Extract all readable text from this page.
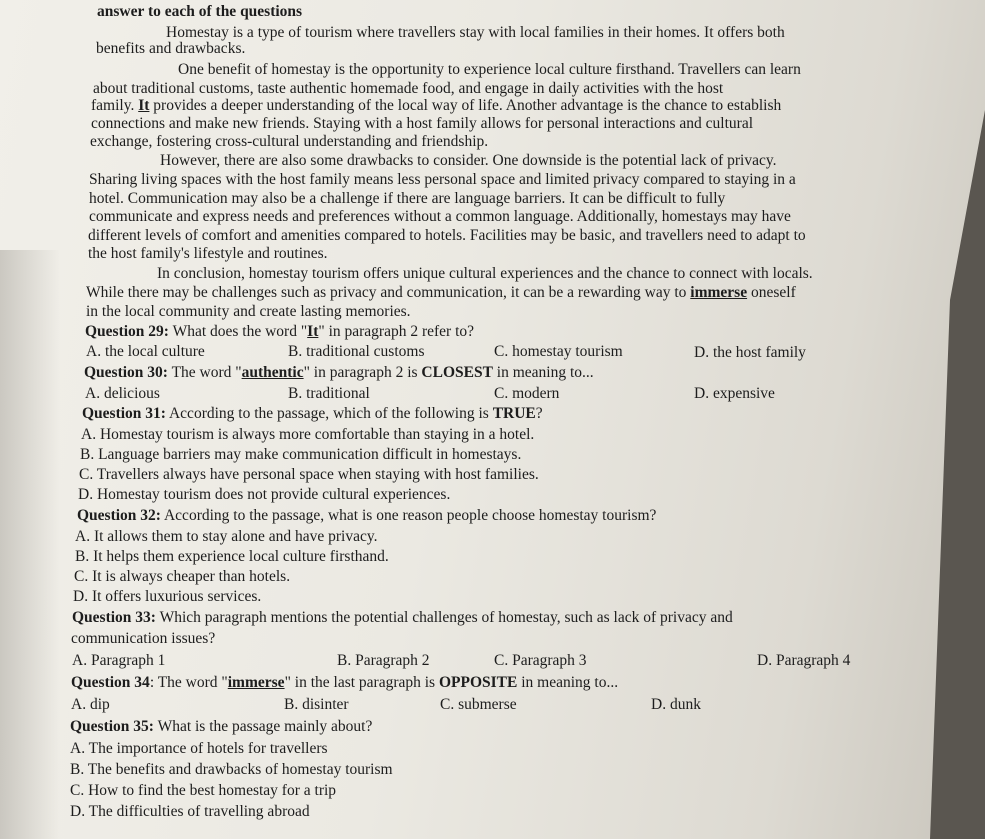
answer to each of the questions
Homestay is a type of tourism where travellers stay with local families in their homes. It offers both
benefits and drawbacks.
One benefit of homestay is the opportunity to experience local culture firsthand. Travellers can learn
about traditional customs, taste authentic homemade food, and engage in daily activities with the host
family. It provides a deeper understanding of the local way of life. Another advantage is the chance to establish
connections and make new friends. Staying with a host family allows for personal interactions and cultural
exchange, fostering cross-cultural understanding and friendship.
However, there are also some drawbacks to consider. One downside is the potential lack of privacy.
Sharing living spaces with the host family means less personal space and limited privacy compared to staying in a
hotel. Communication may also be a challenge if there are language barriers. It can be difficult to fully
communicate and express needs and preferences without a common language. Additionally, homestays may have
different levels of comfort and amenities compared to hotels. Facilities may be basic, and travellers need to adapt to
the host family's lifestyle and routines.
In conclusion, homestay tourism offers unique cultural experiences and the chance to connect with locals.
While there may be challenges such as privacy and communication, it can be a rewarding way to immerse oneself
in the local community and create lasting memories.
Question 29: What does the word "It" in paragraph 2 refer to?
A. the local culture	B. traditional customs	C. homestay tourism	D. the host family
Question 30: The word "authentic" in paragraph 2 is CLOSEST in meaning to...
A. delicious	B. traditional	C. modern	D. expensive
Question 31: According to the passage, which of the following is TRUE?
A. Homestay tourism is always more comfortable than staying in a hotel.
B. Language barriers may make communication difficult in homestays.
C. Travellers always have personal space when staying with host families.
D. Homestay tourism does not provide cultural experiences.
Question 32: According to the passage, what is one reason people choose homestay tourism?
A. It allows them to stay alone and have privacy.
B. It helps them experience local culture firsthand.
C. It is always cheaper than hotels.
D. It offers luxurious services.
Question 33: Which paragraph mentions the potential challenges of homestay, such as lack of privacy and
communication issues?
A. Paragraph 1	B. Paragraph 2	C. Paragraph 3	D. Paragraph 4
Question 34: The word "immerse" in the last paragraph is OPPOSITE in meaning to...
A. dip	B. disinter	C. submerse	D. dunk
Question 35: What is the passage mainly about?
A. The importance of hotels for travellers
B. The benefits and drawbacks of homestay tourism
C. How to find the best homestay for a trip
D. The difficulties of travelling abroad
